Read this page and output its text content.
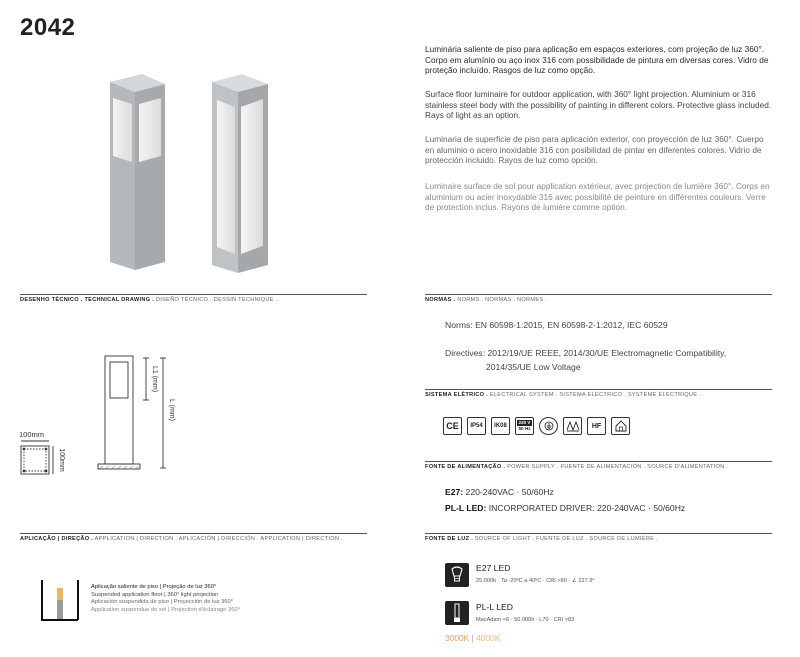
2042

Luminária saliente de piso para aplicação em espaços exteriores, com projeção de luz 360°. Corpo em alumínio ou aço inox 316 com possibilidade de pintura em diversas cores. Vidro de proteção incluído. Rasgos de luz como opção.

Surface floor luminaire for outdoor application, with 360° light projection. Aluminium or 316 stainless steel body with the possibility of painting in different colors. Protective glass included. Rays of light as an option.

Luminaria de superficie de piso para aplicación exterior, con proyección de luz 360°. Cuerpo en aluminio o acero inoxidable 316 con posibilidad de pintar en diferentes colores. Vidrio de protección incluido. Rayos de luz como opción.

Luminaire surface de sol pour application extérieur, avec projection de lumière 360°. Corps en aluminium ou acier inoxydable 316 avec possibilité de peinture en différentes couleurs. Verre de protection inclus. Rayons de lumière comme option.

DESENHO TÉCNICO . TECHNICAL DRAWING . DISEÑO TÉCNICO . DESSIN TECHNIQUE .
L1 (mm)
L (mm)
100mm
100mm
NORMAS . NORMS . NORMAS . NORMES .
Norms: EN 60598-1:2015, EN 60598-2-1:2012, IEC 60529
Directives: 2012/19/UE REEE, 2014/30/UE Electromagnetic Compatibility,
2014/35/UE Low Voltage
SISTEMA ELÉTRICO . ELECTRICAL SYSTEM . SISTEMA ELÉCTRICO . SYSTÈME ÉLECTRIQUE .
CE	IP54	IK08
230 V
50 Hz	HF
FONTE DE ALIMENTAÇÃO . POWER SUPPLY . FUENTE DE ALIMENTACIÓN . SOURCE D'ALIMENTATION .
E27: 220-240VAC · 50/60Hz
PL-L LED: INCORPORATED DRIVER: 220-240VAC · 50/60Hz
APLICAÇÃO | DIREÇÃO . APPLICATION | DIRECTION . APLICACIÓN | DIRECCIÓN . APPLICATION | DIRECTION .
Aplicação saliente de piso | Projeção de luz 360°
Suspended application floor | 360° light projection
Aplicación suspendida de piso | Proyección de luz 360°
Application suspendue de sol | Projection d'éclairage 360°
FONTE DE LUZ . SOURCE OF LIGHT . FUENTE DE LUZ . SOURCE DE LUMIÈRE .
E27 LED
25.000h · Ta -20ºC a 40ºC · CRI >80 · ∠ 227.9°
PL-L LED
MacAdam <6 · 50.000h · L70 · CRI >83
3000K | 4000K
